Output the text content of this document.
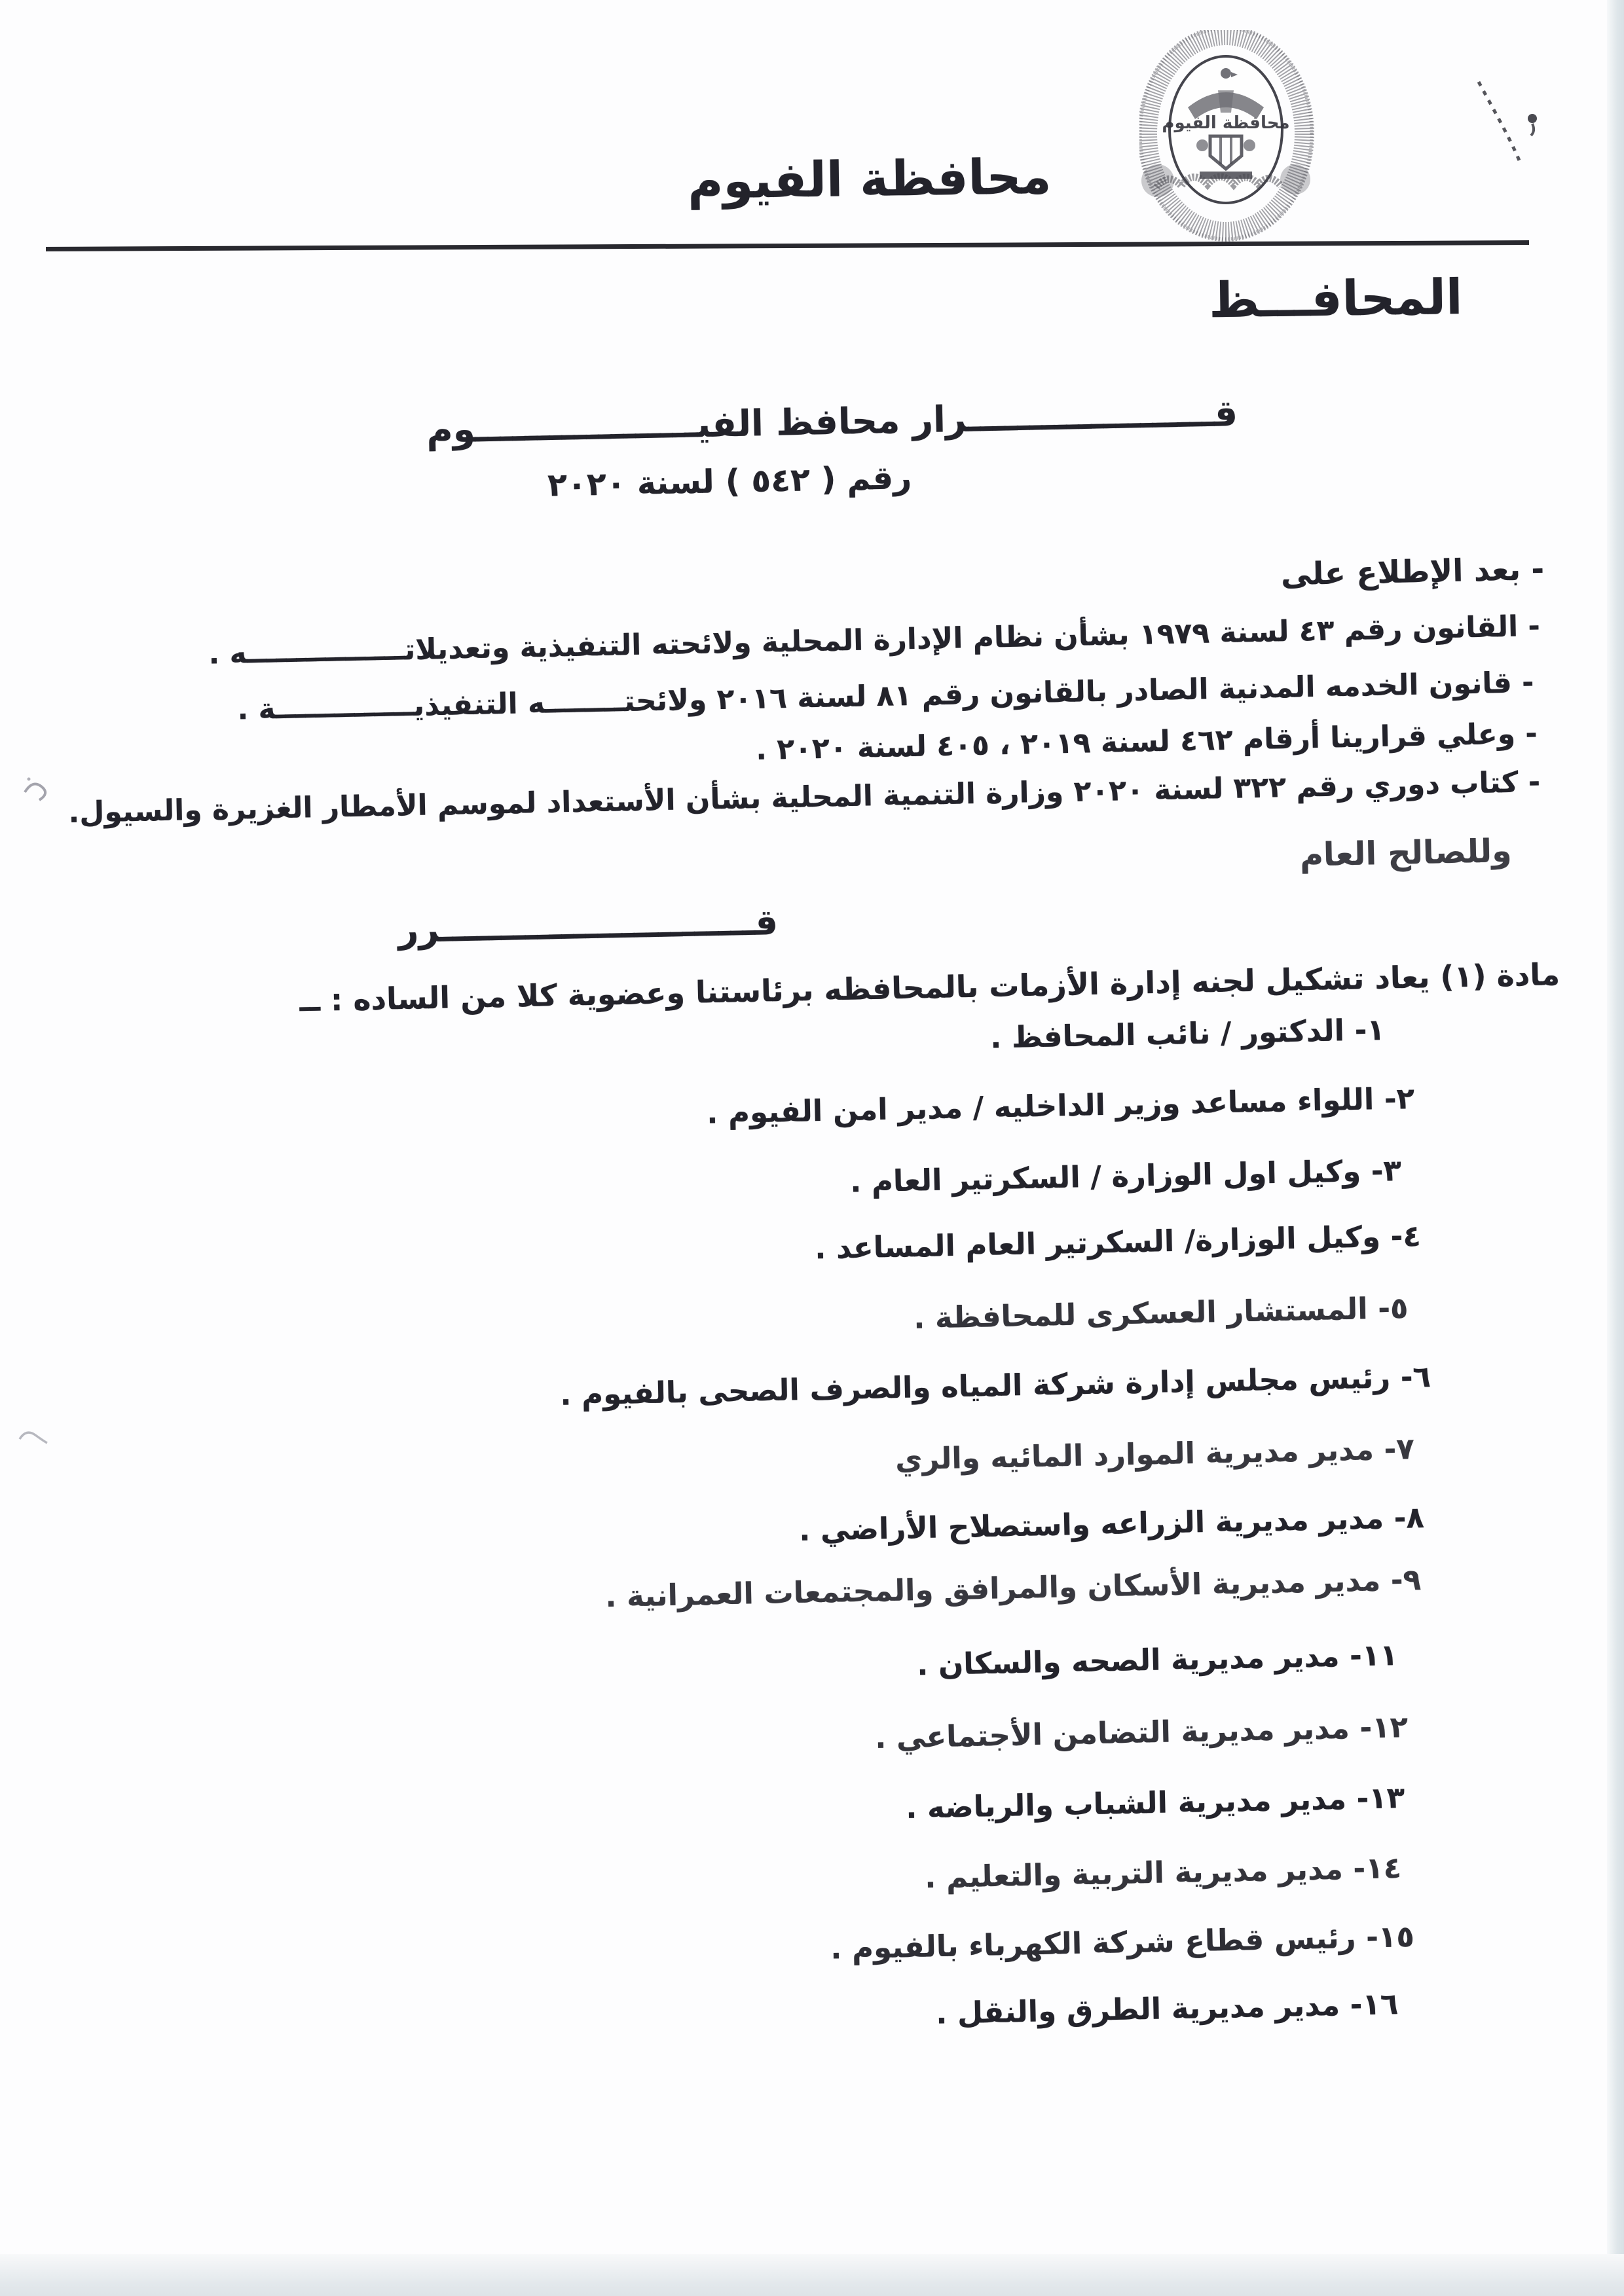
محافظة الفيوم
محافظة الفيوم
المحافـــظ
قــــــــــــــــــــرار محافظ الفيــــــــــــــــــوم
رقم ( ٥٤٢ ) لسنة ٢٠٢٠
- بعد الإطلاع على
- القانون رقم ٤٣ لسنة ١٩٧٩ بشأن نظام الإدارة المحلية ولائحته التنفيذية وتعديلاتــــــــــــــــه .
- قانون الخدمه المدنية الصادر بالقانون رقم ٨١ لسنة ٢٠١٦ ولائحتــــــــه التنفيذيــــــــــــــة .
- وعلي قرارينا أرقام ٤٦٢ لسنة ٢٠١٩ ، ٤٠٥ لسنة ٢٠٢٠ .
- كتاب دوري رقم ٣٢٢ لسنة ٢٠٢٠ وزارة التنمية المحلية بشأن الأستعداد لموسم الأمطار الغزيرة والسيول.
وللصالح العام
قــــــــــــــــــــــــــرر
مادة (١) يعاد تشكيل لجنه إدارة الأزمات بالمحافظه برئاستنا وعضوية كلا من الساده : ــ
١- الدكتور / نائب المحافظ .
٢- اللواء مساعد وزير الداخليه / مدير امن الفيوم .
٣- وكيل اول الوزارة / السكرتير العام .
٤- وكيل الوزارة/ السكرتير العام المساعد .
٥- المستشار العسكرى للمحافظة .
٦- رئيس مجلس إدارة شركة المياه والصرف الصحى بالفيوم .
٧- مدير مديرية الموارد المائيه والري
٨- مدير مديرية الزراعه واستصلاح الأراضي .
٩- مدير مديرية الأسكان والمرافق والمجتمعات العمرانية .
١١- مدير مديرية الصحه والسكان .
١٢- مدير مديرية التضامن الأجتماعي .
١٣- مدير مديرية الشباب والرياضه .
١٤- مدير مديرية التربية والتعليم .
١٥- رئيس قطاع شركة الكهرباء بالفيوم .
١٦- مدير مديرية الطرق والنقل .
